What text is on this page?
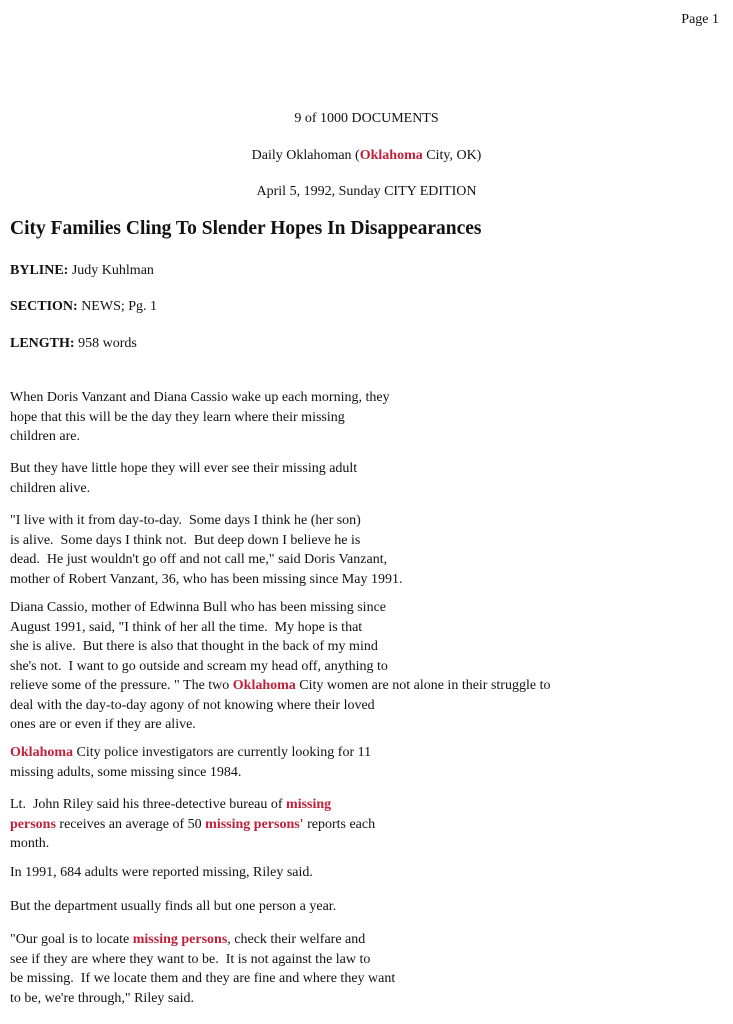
Page 1
9 of 1000 DOCUMENTS
Daily Oklahoman (Oklahoma City, OK)
April 5, 1992, Sunday CITY EDITION
City Families Cling To Slender Hopes In Disappearances
BYLINE: Judy Kuhlman
SECTION: NEWS; Pg. 1
LENGTH: 958 words
When Doris Vanzant and Diana Cassio wake up each morning, they
hope that this will be the day they learn where their missing
children are.
But they have little hope they will ever see their missing adult
children alive.
"I live with it from day-to-day.  Some days I think he (her son)
is alive.  Some days I think not.  But deep down I believe he is
dead.  He just wouldn't go off and not call me," said Doris Vanzant,
mother of Robert Vanzant, 36, who has been missing since May 1991.
Diana Cassio, mother of Edwinna Bull who has been missing since
August 1991, said, "I think of her all the time.  My hope is that
she is alive.  But there is also that thought in the back of my mind
she's not.  I want to go outside and scream my head off, anything to
relieve some of the pressure. " The two Oklahoma City women are not alone in their struggle to
deal with the day-to-day agony of not knowing where their loved
ones are or even if they are alive.
Oklahoma City police investigators are currently looking for 11
missing adults, some missing since 1984.
Lt.  John Riley said his three-detective bureau of missing
persons receives an average of 50 missing persons' reports each
month.
In 1991, 684 adults were reported missing, Riley said.
But the department usually finds all but one person a year.
"Our goal is to locate missing persons, check their welfare and
see if they are where they want to be.  It is not against the law to
be missing.  If we locate them and they are fine and where they want
to be, we're through," Riley said.
